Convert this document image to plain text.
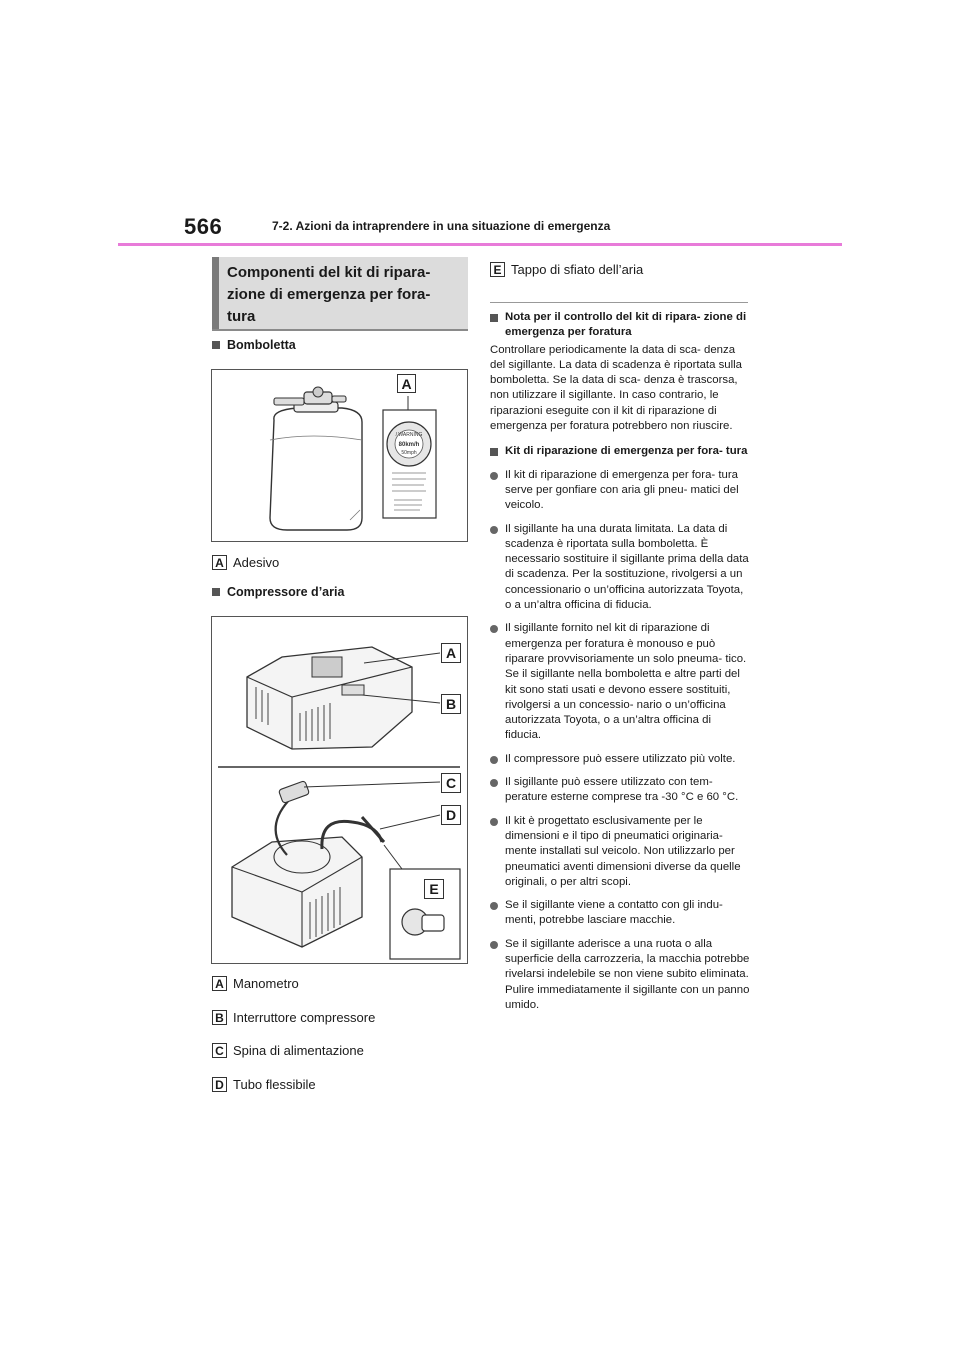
566	7-2. Azioni da intraprendere in una situazione di emergenza
Componenti del kit di ripara-
zione di emergenza per fora-
tura
Bomboletta
/ WARNING
80km/h
50mph
A
A Adesivo
Compressore d’aria
A
B
C
D
E
A Manometro
B Interruttore compressore
C Spina di alimentazione
D Tubo flessibile
E Tappo di sfiato dell’aria
Nota per il controllo del kit di ripara- zione di emergenza per foratura

Controllare periodicamente la data di sca- denza del sigillante. La data di scadenza è riportata sulla bomboletta. Se la data di sca- denza è trascorsa, non utilizzare il sigillante. In caso contrario, le riparazioni eseguite con il kit di riparazione di emergenza per foratura potrebbero non riuscire.

Kit di riparazione di emergenza per fora- tura
Il kit di riparazione di emergenza per fora- tura serve per gonfiare con aria gli pneu- matici del veicolo.
Il sigillante ha una durata limitata. La data di scadenza è riportata sulla bomboletta. È necessario sostituire il sigillante prima della data di scadenza. Per la sostituzione, rivolgersi a un concessionario o un’officina autorizzata Toyota, o a un’altra officina di fiducia.
Il sigillante fornito nel kit di riparazione di emergenza per foratura è monouso e può riparare provvisoriamente un solo pneuma- tico. Se il sigillante nella bomboletta e altre parti del kit sono stati usati e devono essere sostituiti, rivolgersi a un concessio- nario o un’officina autorizzata Toyota, o a un’altra officina di fiducia.
Il compressore può essere utilizzato più volte.
Il sigillante può essere utilizzato con tem- perature esterne comprese tra -30 °C e 60 °C.
Il kit è progettato esclusivamente per le dimensioni e il tipo di pneumatici originaria- mente installati sul veicolo. Non utilizzarlo per pneumatici aventi dimensioni diverse da quelle originali, o per altri scopi.
Se il sigillante viene a contatto con gli indu- menti, potrebbe lasciare macchie.
Se il sigillante aderisce a una ruota o alla superficie della carrozzeria, la macchia potrebbe rivelarsi indelebile se non viene subito eliminata. Pulire immediatamente il sigillante con un panno umido.
